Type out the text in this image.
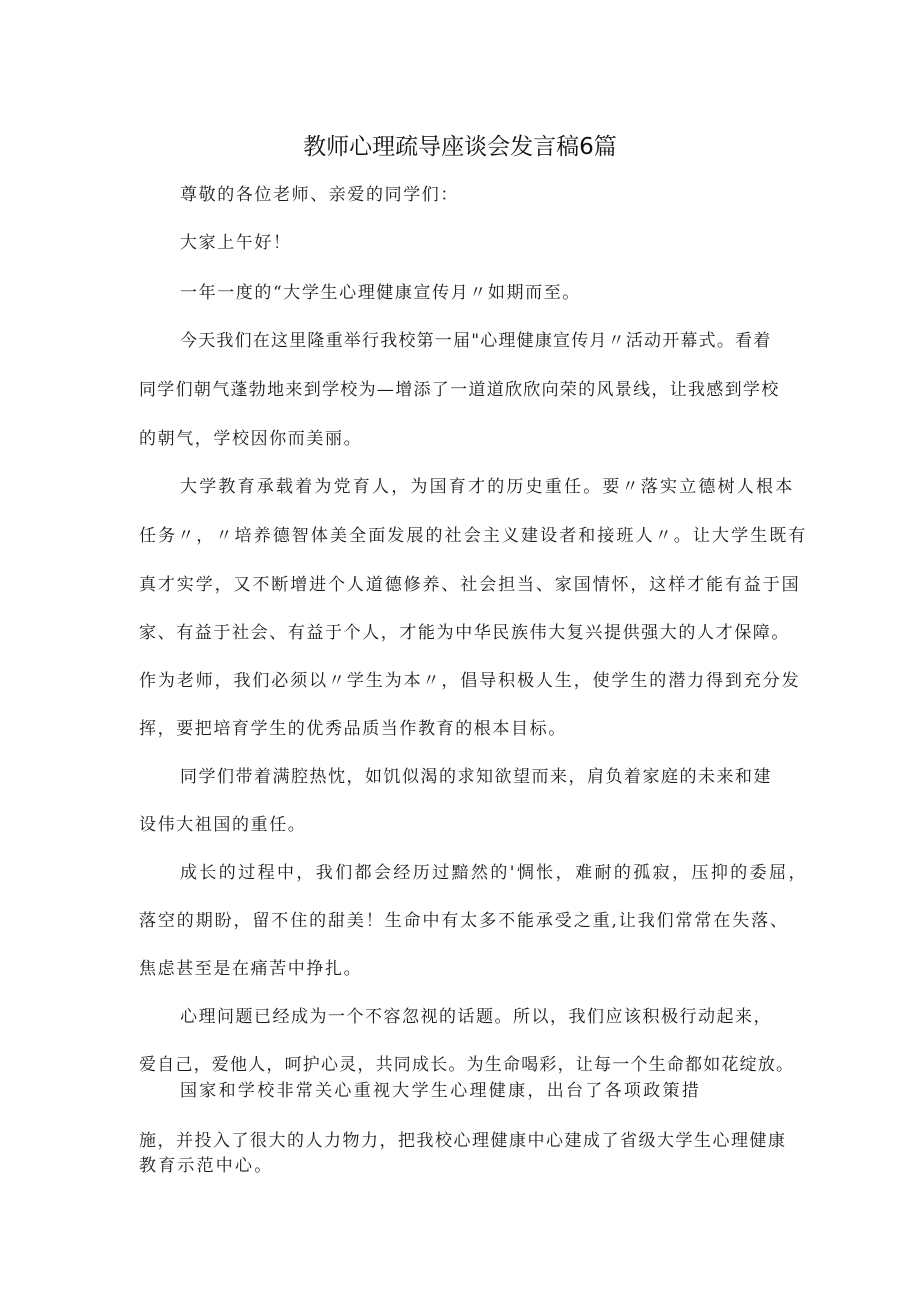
教师心理疏导座谈会发言稿6篇
尊敬的各位老师、亲爱的同学们：
大家上午好！
一年一度的“大学生心理健康宣传月〃如期而至。
今天我们在这里隆重举行我校第一届"心理健康宣传月〃活动开幕式。看着
同学们朝气蓬勃地来到学校为—增添了一道道欣欣向荣的风景线，让我感到学校
的朝气，学校因你而美丽。
大学教育承载着为党育人，为国育才的历史重任。要〃落实立德树人根本
任务〃，〃培养德智体美全面发展的社会主义建设者和接班人〃。让大学生既有
真才实学，又不断增进个人道德修养、社会担当、家国情怀，这样才能有益于国
家、有益于社会、有益于个人，才能为中华民族伟大复兴提供强大的人才保障。
作为老师，我们必须以〃学生为本〃，倡导积极人生，使学生的潜力得到充分发
挥，要把培育学生的优秀品质当作教育的根本目标。
同学们带着满腔热忱，如饥似渴的求知欲望而来，肩负着家庭的未来和建
设伟大祖国的重任。
成长的过程中，我们都会经历过黯然的'惆怅，难耐的孤寂，压抑的委屈，
落空的期盼，留不住的甜美！生命中有太多不能承受之重,让我们常常在失落、
焦虑甚至是在痛苦中挣扎。
心理问题已经成为一个不容忽视的话题。所以，我们应该积极行动起来，
爱自己，爱他人，呵护心灵，共同成长。为生命喝彩，让每一个生命都如花绽放。
国家和学校非常关心重视大学生心理健康，出台了各项政策措
施，并投入了很大的人力物力，把我校心理健康中心建成了省级大学生心理健康
教育示范中心。
